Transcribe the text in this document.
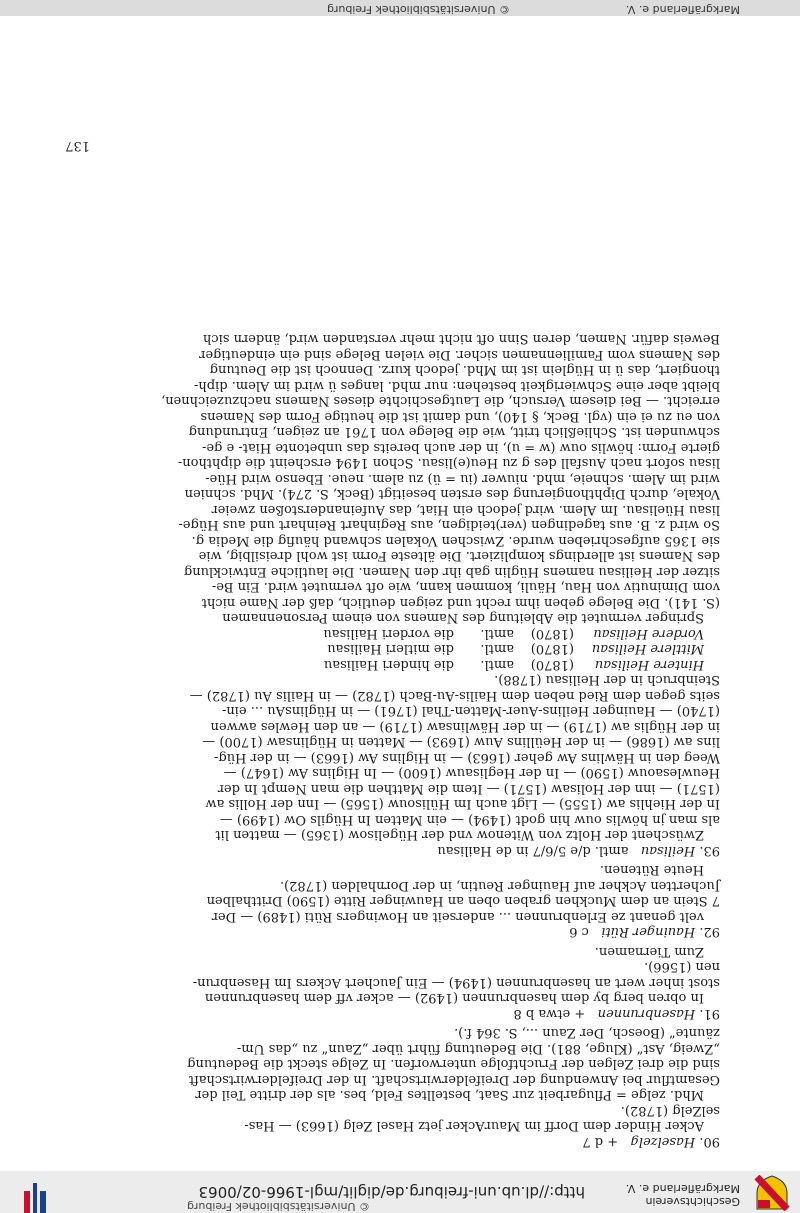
Geschichtsverein
Markgräflerland e. V.
http://dl.ub.uni-freiburg.de/diglit/mgl-1966-02/0063
© Universitätsbibliothek Freiburg

90. Haselzelg   + d 7

Acker Hinder dem Dorff im MaurAcker jetz Hasel Zelg (1663) — Has-

selZelg (1782).

Mhd. zelge = Pflugarbeit zur Saat, bestelltes Feld, bes. als der dritte Teil der

Gesamtflur bei Anwendung der Dreifelderwirtschaft. In der Dreifelderwirtschaft

sind die drei Zelgen der Fruchtfolge unterworfen. In Zelge steckt die Bedeutung

„Zweig, Ast“ (Kluge, 881). Die Bedeutung führt über „Zaun“ zu „das Um-

zäunte“ (Boesch, Der Zaun ..., S. 364 f.).

91. Hasenbrunnen   + etwa b 8

In obren berg by dem hasenbrunnen (1492) — acker vff dem hasenbrunnen

stost inher wert an hasenbrunnen (1494) — Ein Jauchert Ackers Im Hasenbrun-

nen (1566).

Zum Tiernamen.

92. Hauinger Rüti   c 6

velt genant ze Erlenbrunnen ... anderseit an Howingers Rüti (1489) — Der

7 Stein an dem Muckhen graben oben an Hauwinger Ritte (1590) Dritthalben

Juchertten Ackher auf Hauinger Reutin, in der Dornhalden (1782).

Heute Rütenen.

93. Heilisau   amtl. d/e 5/6/7 in de Hailisau

Zwüschent der Holtz von Witenow vnd der Hügelisow (1365) — matten lit

als man jn höwlis ouw hin godt (1494) — ein Matten In Hügils Ow (1499) —

In der Hiehlis aw (1555) — Ligt auch Im Hülisouw (1565) — Inn der Hollis aw

(1571) — inn der Holisaw (1571) — Item die Matthen die man Nempt In der

Heuwlesaouw (1590) — In der Heglisauw (1600) — In Higlins Aw (1647) —

Weeg den in Häwlins Aw geher (1663) — in Higlins Aw (1663) — in der Hüg-

lins aw (1686) — in der Heüllins Auw (1693) — Matten in Hüglinsaw (1700) —

in der Hüglis aw (1719) — in der Häwlinsaw (1719) — an den Hewles awwen

(1740) — Hauinger Heilins-Auer-Matten-Thal (1761) — in HüglinsAu ... ein-

seits gegen dem Ried neben dem Hailis-Au-Bach (1782) — in Hailis Au (1782) —

Steinbruch in der Heilisau (1788).

Hintere Heilisau	(1870)	amtl.	die hinderi Hailisau
Mittlere Heilisau	(1870)	amtl.	die mitleri Hailisau
Vordere Heilisau	(1870)	amtl.	die vorderi Hailisau

Springer vermutet die Ableitung des Namens von einem Personennamen

(S. 141). Die Belege geben ihm recht und zeigen deutlich, daß der Name nicht

vom Diminutiv von Hau, Häuli, kommen kann, wie oft vermutet wird. Ein Be-

sitzer der Heilisau namens Hüglin gab ihr den Namen. Die lautliche Entwicklung

des Namens ist allerdings kompliziert. Die älteste Form ist wohl dreisilbig, wie

sie 1365 aufgeschrieben wurde. Zwischen Vokalen schwand häufig die Media g.

So wird z. B. aus tagedingen (ver)teidigen, aus Reginhart Reinhart und aus Hüge-

lisau Hüelisau. Im Alem. wird jedoch ein Hiat, das Aufeinanderstoßen zweier

Vokale, durch Diphthongierung des ersten beseitigt (Beck, S. 274). Mhd. schnien

wird im Alem. schneie, mhd. niuwer (iu = ü) zu alem. neue. Ebenso wird Hüe-

lisau sofort nach Ausfall des g zu Heu(e)lisau. Schon 1494 erscheint die diphthon-

gierte Form: höwlis ouw (w = u), in der auch bereits das unbetonte Hiat- e ge-

schwunden ist. Schließlich tritt, wie die Belege von 1761 an zeigen, Entrundung

von eu zu ei ein (vgl. Beck, § 140), und damit ist die heutige Form des Namens

erreicht. — Bei diesem Versuch, die Lautgeschichte dieses Namens nachzuzeichnen,

bleibt aber eine Schwierigkeit bestehen: nur mhd. langes ü wird im Alem. diph-

thongiert, das ü in Hüglein ist im Mhd. jedoch kurz. Dennoch ist die Deutung

des Namens vom Familiennamen sicher. Die vielen Belege sind ein eindeutiger

Beweis dafür. Namen, deren Sinn oft nicht mehr verstanden wird, ändern sich

137
Markgräflerland e. V.
© Universitätsbibliothek Freiburg
